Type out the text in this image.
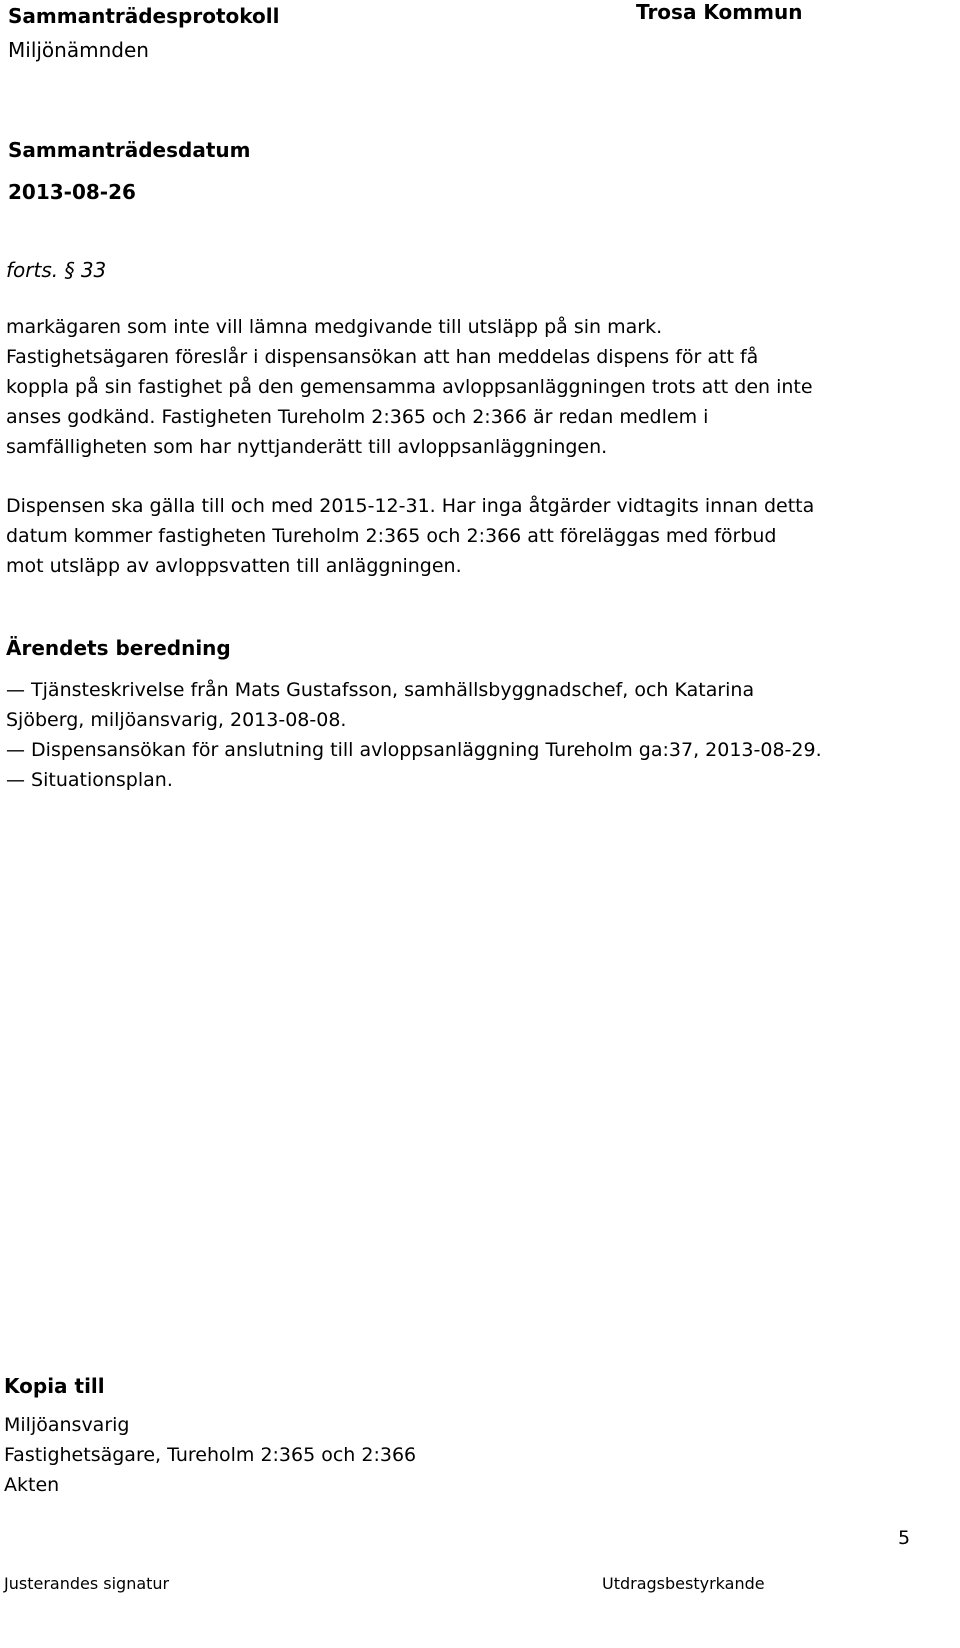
Sammanträdesprotokoll	Trosa Kommun
Miljönämnden
Sammanträdesdatum
2013-08-26
forts. § 33
markägaren som inte vill lämna medgivande till utsläpp på sin mark.
Fastighetsägaren föreslår i dispensansökan att han meddelas dispens för att få
koppla på sin fastighet på den gemensamma avloppsanläggningen trots att den inte
anses godkänd. Fastigheten Tureholm 2:365 och 2:366 är redan medlem i
samfälligheten som har nyttjanderätt till avloppsanläggningen.
Dispensen ska gälla till och med 2015-12-31. Har inga åtgärder vidtagits innan detta
datum kommer fastigheten Tureholm 2:365 och 2:366 att föreläggas med förbud
mot utsläpp av avloppsvatten till anläggningen.
Ärendets beredning
— Tjänsteskrivelse från Mats Gustafsson, samhällsbyggnadschef, och Katarina
Sjöberg, miljöansvarig, 2013-08-08.
— Dispensansökan för anslutning till avloppsanläggning Tureholm ga:37, 2013-08-29.
— Situationsplan.
Kopia till
Miljöansvarig
Fastighetsägare, Tureholm 2:365 och 2:366
Akten
Justerandes signatur	Utdragsbestyrkande
5
